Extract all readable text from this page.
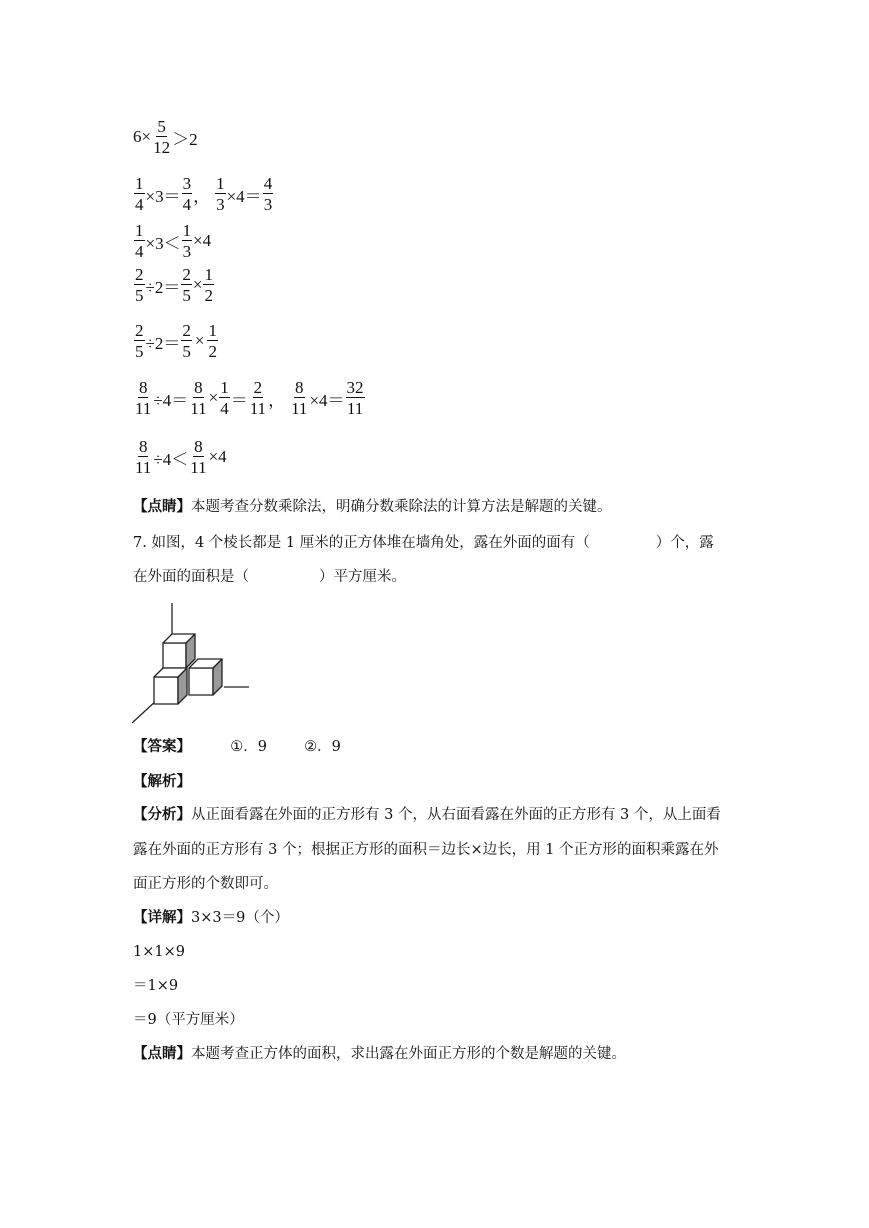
$6 \times \frac{5}{12} >2$
$\frac{1}{4} \times 3=$
3
4 ， $\frac{1}{3} \times 4=$
4
3
$\frac{1}{4} \times 3< \frac{1}{3} \times 4$
$\frac{2}{5} \div 2= \frac{2}{5} \times \frac{1}{2}$
$\frac{2}{5} \div 2= \frac{2}{5} \times \frac{1}{2}$
$\frac{8}{11} \div 4= \frac{8}{11} \times \frac{1}{4}$ ＝
2
11 ， $\frac{8}{11} \times 4=$
32
11
$\frac{8}{11} \div 4< \frac{8}{11} \times 4$
【点睛】本题考查分数乘除法，明确分数乘除法的计算方法是解题的关键。
7. 如图，4 个棱长都是 1 厘米的正方体堆在墙角处，露在外面的面有（	）个，露
在外面的面积是（	）平方厘米。
【答案】	①．9	②．9
【解析】
【分析】从正面看露在外面的正方形有 3 个，从右面看露在外面的正方形有 3 个，从上面看
露在外面的正方形有 3 个；根据正方形的面积＝边长×边长，用 1 个正方形的面积乘露在外
面正方形的个数即可。
【详解】3×3＝9（个）
1×1×9
＝1×9
＝9（平方厘米）
【点睛】本题考查正方体的面积，求出露在外面正方形的个数是解题的关键。
